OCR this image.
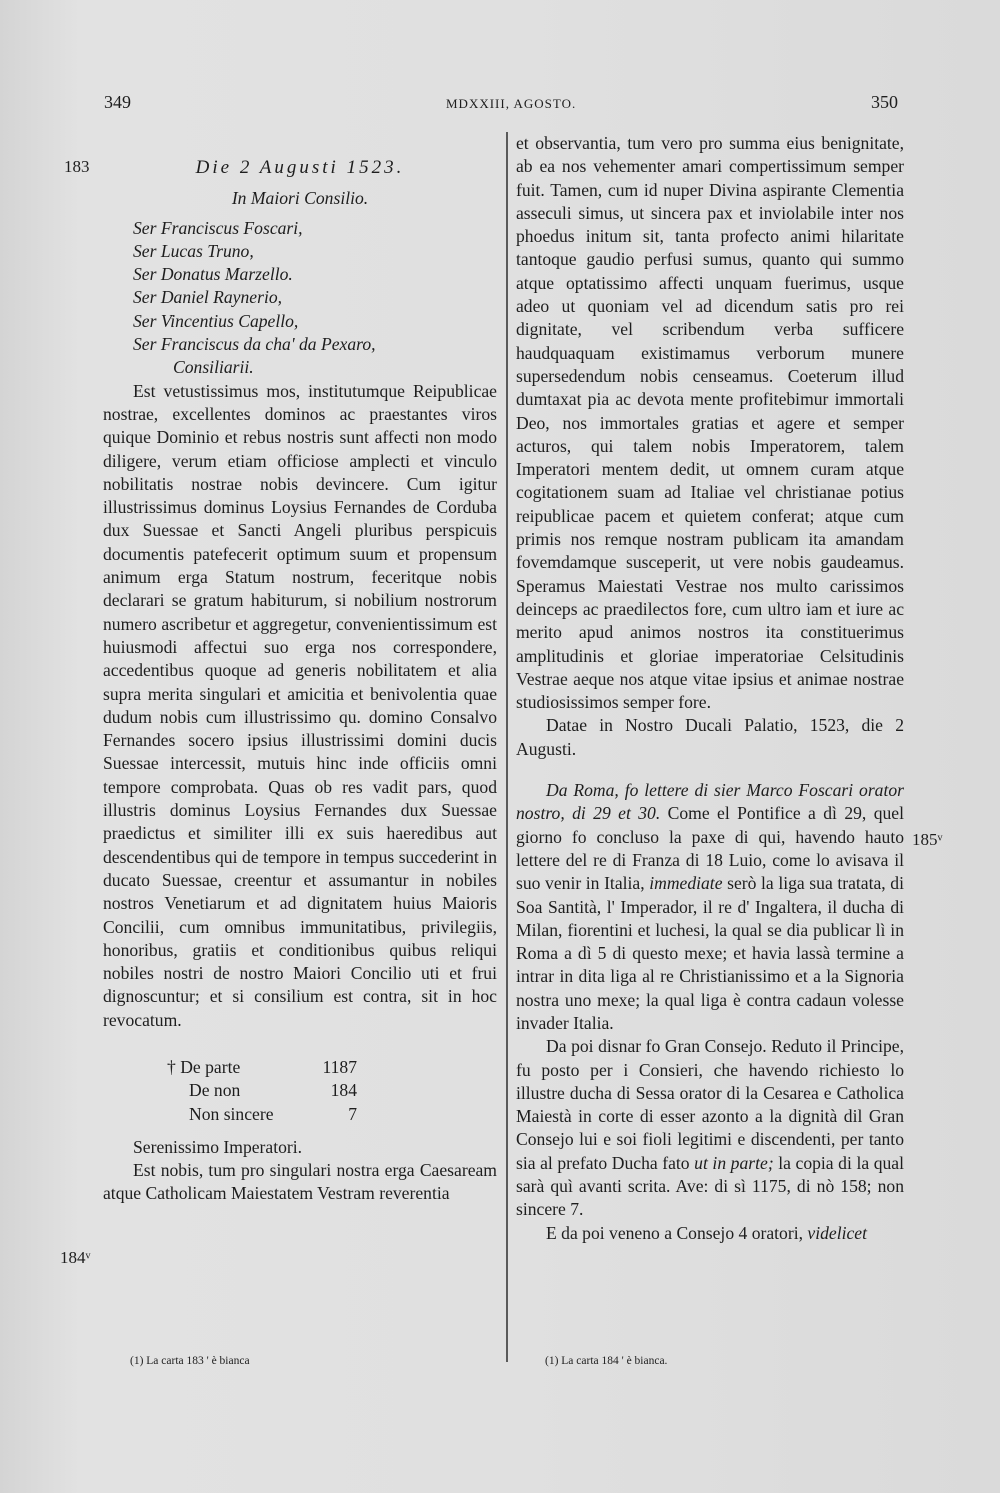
349	MDXXIII, AGOSTO.	350
183
184ᵛ
185ᵛ
Die 2 Augusti 1523.
In Maiori Consilio.
Ser Franciscus Foscari,
Ser Lucas Truno,
Ser Donatus Marzello.
Ser Daniel Raynerio,
Ser Vincentius Capello,
Ser Franciscus da cha' da Pexaro,
Consiliarii.

Est vetustissimus mos, institutumque Reipublicae nostrae, excellentes dominos ac praestantes viros quique Dominio et rebus nostris sunt affecti non modo diligere, verum etiam officiose amplecti et vinculo nobilitatis nostrae nobis devincere. Cum igitur illustrissimus dominus Loysius Fernandes de Corduba dux Suessae et Sancti Angeli pluribus perspicuis documentis patefecerit optimum suum et propensum animum erga Statum nostrum, feceritque nobis declarari se gratum habiturum, si nobilium nostrorum numero ascribetur et aggregetur, convenientissimum est huiusmodi affectui suo erga nos correspondere, accedentibus quoque ad generis nobilitatem et alia supra merita singulari et amicitia et benivolentia quae dudum nobis cum illustrissimo qu. domino Consalvo Fernandes socero ipsius illustrissimi domini ducis Suessae intercessit, mutuis hinc inde officiis omni tempore comprobata. Quas ob res vadit pars, quod illustris dominus Loysius Fernandes dux Suessae praedictus et similiter illi ex suis haeredibus aut descendentibus qui de tempore in tempus succederint in ducato Suessae, creentur et assumantur in nobiles nostros Venetiarum et ad dignitatem huius Maioris Concilii, cum omnibus immunitatibus, privilegiis, honoribus, gratiis et conditionibus quibus reliqui nobiles nostri de nostro Maiori Concilio uti et frui dignoscuntur; et si consilium est contra, sit in hoc revocatum.

† De parte	1187
De non	184
Non sincere	7
Serenissimo Imperatori.

Est nobis, tum pro singulari nostra erga Caesaream atque Catholicam Maiestatem Vestram reverentia

et observantia, tum vero pro summa eius benignitate, ab ea nos vehementer amari compertissimum semper fuit. Tamen, cum id nuper Divina aspirante Clementia asseculi simus, ut sincera pax et inviolabile inter nos phoedus initum sit, tanta profecto animi hilaritate tantoque gaudio perfusi sumus, quanto qui summo atque optatissimo affecti unquam fuerimus, usque adeo ut quoniam vel ad dicendum satis pro rei dignitate, vel scribendum verba sufficere haudquaquam existimamus verborum munere supersedendum nobis censeamus. Coeterum illud dumtaxat pia ac devota mente profitebimur immortali Deo, nos immortales gratias et agere et semper acturos, qui talem nobis Imperatorem, talem Imperatori mentem dedit, ut omnem curam atque cogitationem suam ad Italiae vel christianae potius reipublicae pacem et quietem conferat; atque cum primis nos remque nostram publicam ita amandam fovemdamque susceperit, ut vere nobis gaudeamus. Speramus Maiestati Vestrae nos multo carissimos deinceps ac praedilectos fore, cum ultro iam et iure ac merito apud animos nostros ita constituerimus amplitudinis et gloriae imperatoriae Celsitudinis Vestrae aeque nos atque vitae ipsius et animae nostrae studiosissimos semper fore.

Datae in Nostro Ducali Palatio, 1523, die 2 Augusti.

Da Roma, fo lettere di sier Marco Foscari orator nostro, di 29 et 30. Come el Pontifice a dì 29, quel giorno fo concluso la paxe di qui, havendo hauto lettere del re di Franza di 18 Luio, come lo avisava il suo venir in Italia, immediate serò la liga sua tratata, di Soa Santità, l' Imperador, il re d' Ingaltera, il ducha di Milan, fiorentini et luchesi, la qual se dia publicar lì in Roma a dì 5 di questo mexe; et havia lassà termine a intrar in dita liga al re Christianissimo et a la Signoria nostra uno mexe; la qual liga è contra cadaun volesse invader Italia.

Da poi disnar fo Gran Consejo. Reduto il Principe, fu posto per i Consieri, che havendo richiesto lo illustre ducha di Sessa orator di la Cesarea e Catholica Maiestà in corte di esser azonto a la dignità dil Gran Consejo lui e soi fioli legitimi e discendenti, per tanto sia al prefato Ducha fato ut in parte; la copia di la qual sarà quì avanti scrita. Ave: di sì 1175, di nò 158; non sincere 7.

E da poi veneno a Consejo 4 oratori, videlicet

(1) La carta 183 ' è bianca	(1) La carta 184 ' è bianca.
